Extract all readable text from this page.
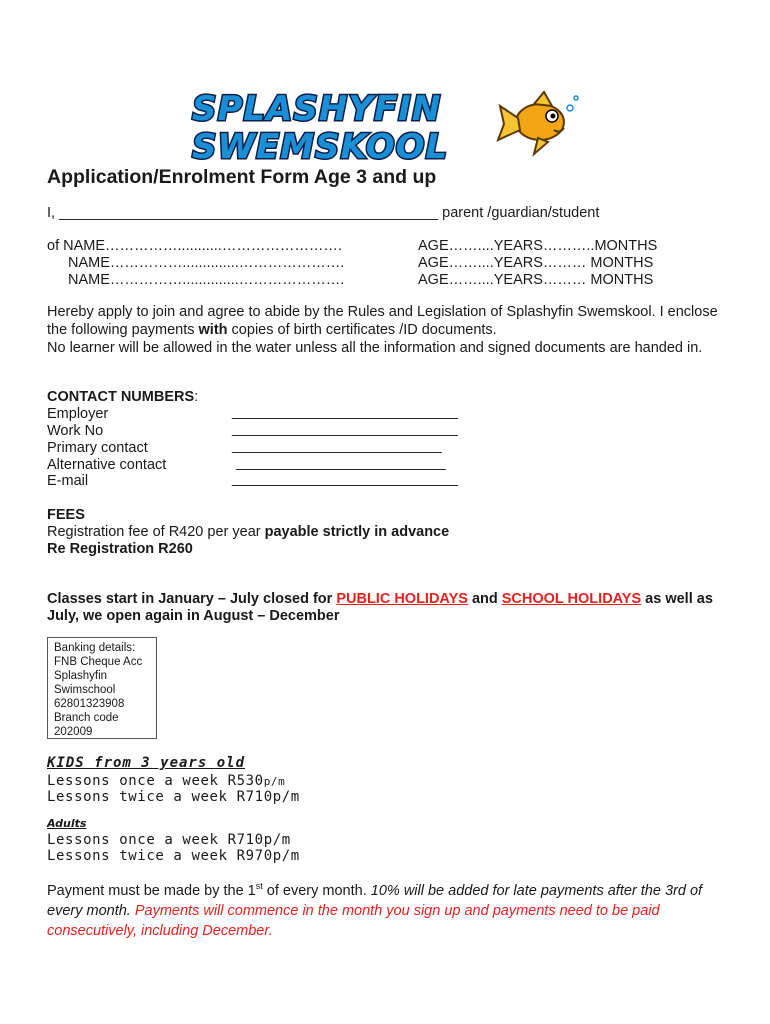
SPLASHYFIN
SWEMSKOOL
Application/Enrolment Form Age 3 and up
I, _______________________________________________ parent /guardian/student
of NAME……………...........…………………….	AGE……....YEARS………..MONTHS
NAME……………..............………………….	AGE……....YEARS……… MONTHS
NAME……………..............………………….	AGE……....YEARS……… MONTHS
Hereby apply to join and agree to abide by the Rules and Legislation of Splashyfin Swemskool. I enclose the following payments with copies of birth certificates /ID documents.
No learner will be allowed in the water unless all the information and signed documents are handed in.
CONTACT NUMBERS:
Employer	____________________________
Work No	____________________________
Primary contact	__________________________
Alternative contact	__________________________
E-mail	____________________________
FEES
Registration fee of R420 per year payable strictly in advance
Re Registration R260
Classes start in January – July closed for PUBLIC HOLIDAYS and SCHOOL HOLIDAYS as well as July, we open again in August – December
Banking details:
FNB Cheque Acc
Splashyfin
Swimschool
62801323908
Branch code
202009
KIDS from 3 years old
Lessons once a week R530p/m
Lessons twice a week R710p/m
Adults
Lessons once a week R710p/m
Lessons twice a week R970p/m
Payment must be made by the 1st of every month. 10% will be added for late payments after the 3rd of every month. Payments will commence in the month you sign up and payments need to be paid consecutively, including December.
